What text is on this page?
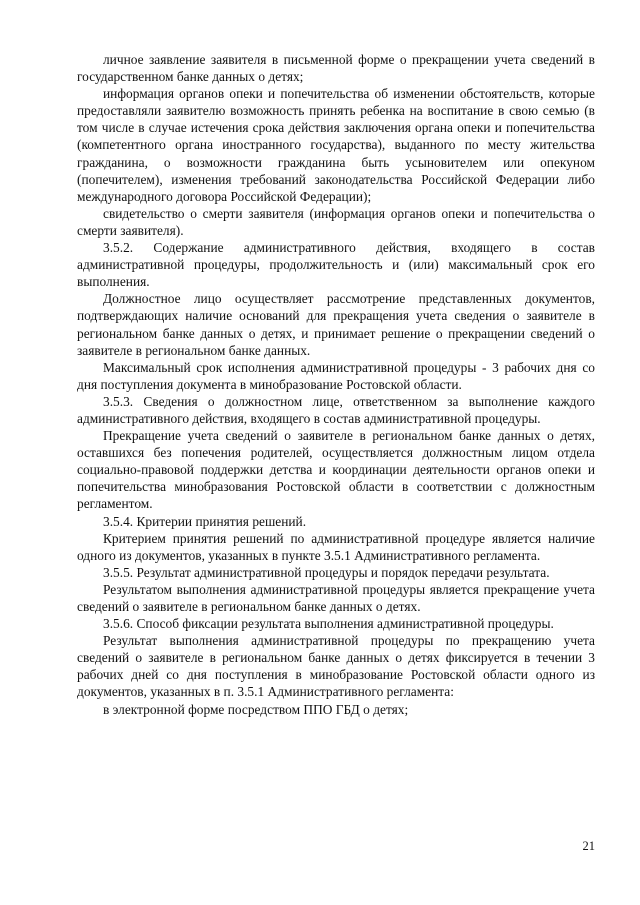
личное заявление заявителя в письменной форме о прекращении учета сведений в государственном банке данных о детях;

информация органов опеки и попечительства об изменении обстоятельств, которые предоставляли заявителю возможность принять ребенка на воспитание в свою семью (в том числе в случае истечения срока действия заключения органа опеки и попечительства (компетентного органа иностранного государства), выданного по месту жительства гражданина, о возможности гражданина быть усыновителем или опекуном (попечителем), изменения требований законодательства Российской Федерации либо международного договора Российской Федерации);

свидетельство о смерти заявителя (информация органов опеки и попечительства о смерти заявителя).

3.5.2. Содержание административного действия, входящего в состав административной процедуры, продолжительность и (или) максимальный срок его выполнения.

Должностное лицо осуществляет рассмотрение представленных документов, подтверждающих наличие оснований для прекращения учета сведения о заявителе в региональном банке данных о детях, и принимает решение о прекращении сведений о заявителе в региональном банке данных.

Максимальный срок исполнения административной процедуры - 3 рабочих дня со дня поступления документа в минобразование Ростовской области.

3.5.3. Сведения о должностном лице, ответственном за выполнение каждого административного действия, входящего в состав административной процедуры.

Прекращение учета сведений о заявителе в региональном банке данных о детях, оставшихся без попечения родителей, осуществляется должностным лицом отдела социально-правовой поддержки детства и координации деятельности органов опеки и попечительства минобразования Ростовской области в соответствии с должностным регламентом.

3.5.4. Критерии принятия решений.

Критерием принятия решений по административной процедуре является наличие одного из документов, указанных в пункте 3.5.1 Административного регламента.

3.5.5. Результат административной процедуры и порядок передачи результата.

Результатом выполнения административной процедуры является прекращение учета сведений о заявителе в региональном банке данных о детях.

3.5.6. Способ фиксации результата выполнения административной процедуры.

Результат выполнения административной процедуры по прекращению учета сведений о заявителе в региональном банке данных о детях фиксируется в течении 3 рабочих дней со дня поступления в минобразование Ростовской области одного из документов, указанных в п. 3.5.1 Административного регламента:

в электронной форме посредством ППО ГБД о детях;

21
